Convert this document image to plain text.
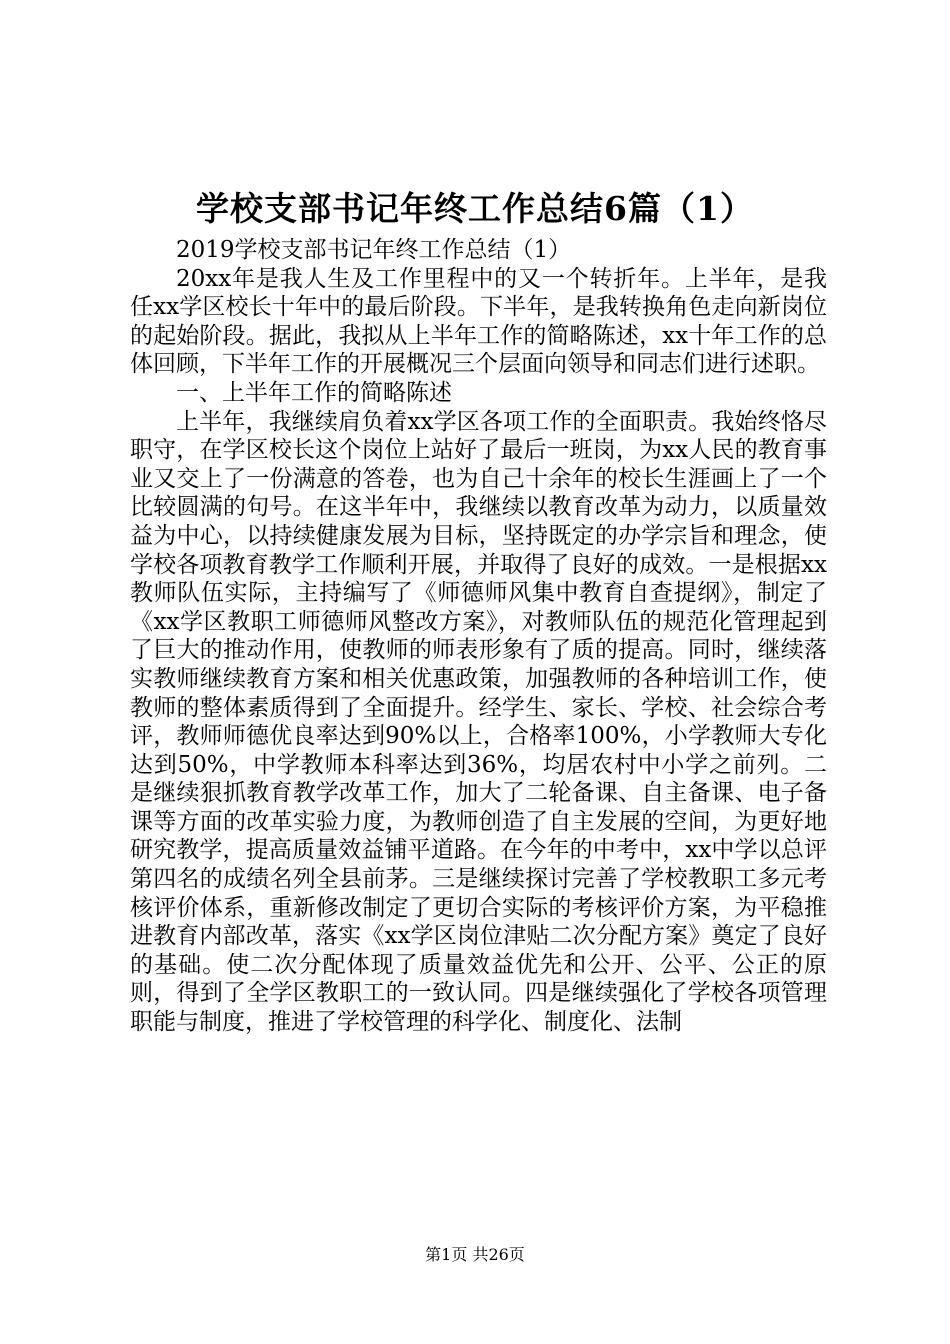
学校支部书记年终工作总结6篇（1）

2019学校支部书记年终工作总结（1）

20xx年是我人生及工作里程中的又一个转折年。上半年，是我任xx学区校长十年中的最后阶段。下半年，是我转换角色走向新岗位的起始阶段。据此，我拟从上半年工作的简略陈述，xx十年工作的总体回顾，下半年工作的开展概况三个层面向领导和同志们进行述职。

一、上半年工作的简略陈述

上半年，我继续肩负着xx学区各项工作的全面职责。我始终恪尽职守，在学区校长这个岗位上站好了最后一班岗，为xx人民的教育事业又交上了一份满意的答卷，也为自己十余年的校长生涯画上了一个比较圆满的句号。在这半年中，我继续以教育改革为动力，以质量效益为中心，以持续健康发展为目标，坚持既定的办学宗旨和理念，使学校各项教育教学工作顺利开展，并取得了良好的成效。一是根据xx教师队伍实际，主持编写了《师德师风集中教育自查提纲》，制定了《xx学区教职工师德师风整改方案》，对教师队伍的规范化管理起到了巨大的推动作用，使教师的师表形象有了质的提高。同时，继续落实教师继续教育方案和相关优惠政策，加强教师的各种培训工作，使教师的整体素质得到了全面提升。经学生、家长、学校、社会综合考评，教师师德优良率达到90%以上，合格率100%，小学教师大专化达到50%，中学教师本科率达到36%，均居农村中小学之前列。二是继续狠抓教育教学改革工作，加大了二轮备课、自主备课、电子备课等方面的改革实验力度，为教师创造了自主发展的空间，为更好地研究教学，提高质量效益铺平道路。在今年的中考中，xx中学以总评第四名的成绩名列全县前茅。三是继续探讨完善了学校教职工多元考核评价体系，重新修改制定了更切合实际的考核评价方案，为平稳推进教育内部改革，落实《xx学区岗位津贴二次分配方案》奠定了良好的基础。使二次分配体现了质量效益优先和公开、公平、公正的原则，得到了全学区教职工的一致认同。四是继续强化了学校各项管理职能与制度，推进了学校管理的科学化、制度化、法制

第1页 共26页
